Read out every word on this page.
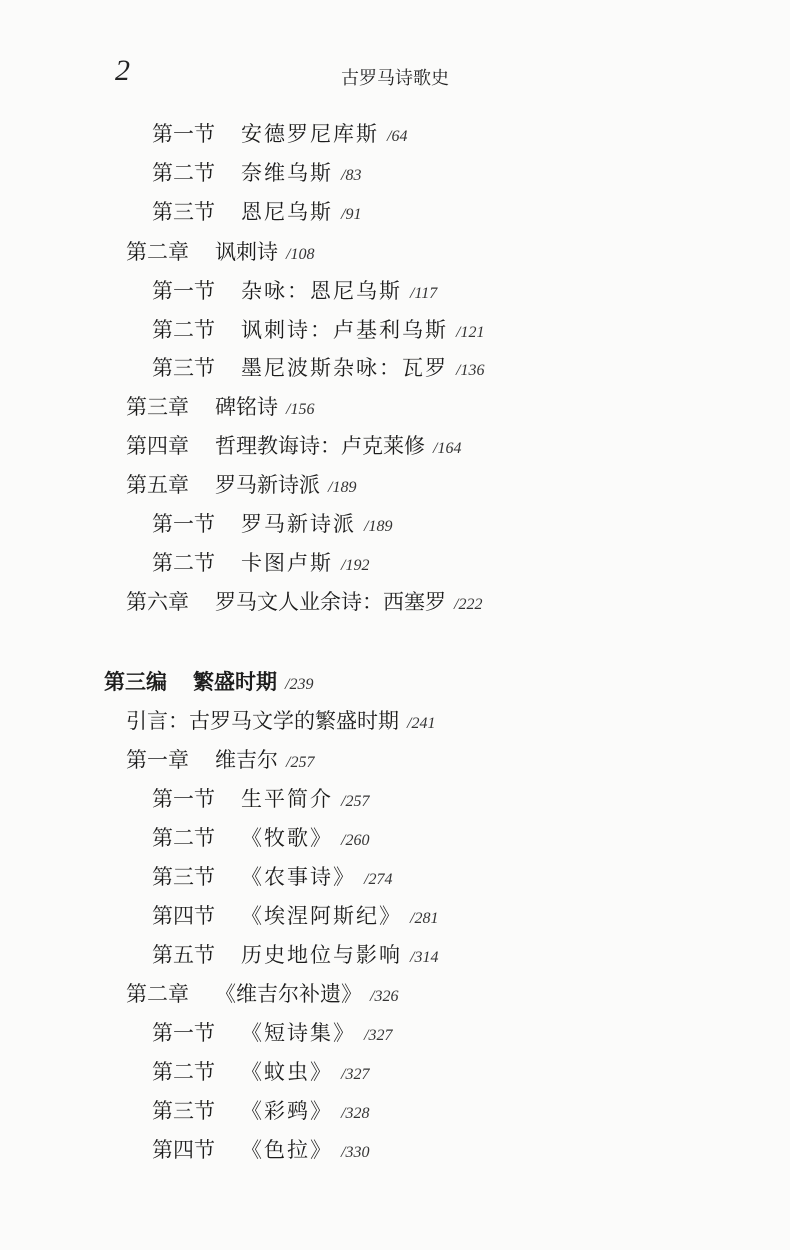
2	古罗马诗歌史
第一节 安德罗尼库斯 /64
第二节 奈维乌斯 /83
第三节 恩尼乌斯 /91
第二章 讽刺诗 /108
第一节 杂咏：恩尼乌斯 /117
第二节 讽刺诗：卢基利乌斯 /121
第三节 墨尼波斯杂咏：瓦罗 /136
第三章 碑铭诗 /156
第四章 哲理教诲诗：卢克莱修 /164
第五章 罗马新诗派 /189
第一节 罗马新诗派 /189
第二节 卡图卢斯 /192
第六章 罗马文人业余诗：西塞罗 /222
第三编 繁盛时期 /239
引言：古罗马文学的繁盛时期 /241
第一章 维吉尔 /257
第一节 生平简介 /257
第二节 《牧歌》 /260
第三节 《农事诗》 /274
第四节 《埃涅阿斯纪》 /281
第五节 历史地位与影响 /314
第二章 《维吉尔补遗》 /326
第一节 《短诗集》 /327
第二节 《蚊虫》 /327
第三节 《彩鹀》 /328
第四节 《色拉》 /330
